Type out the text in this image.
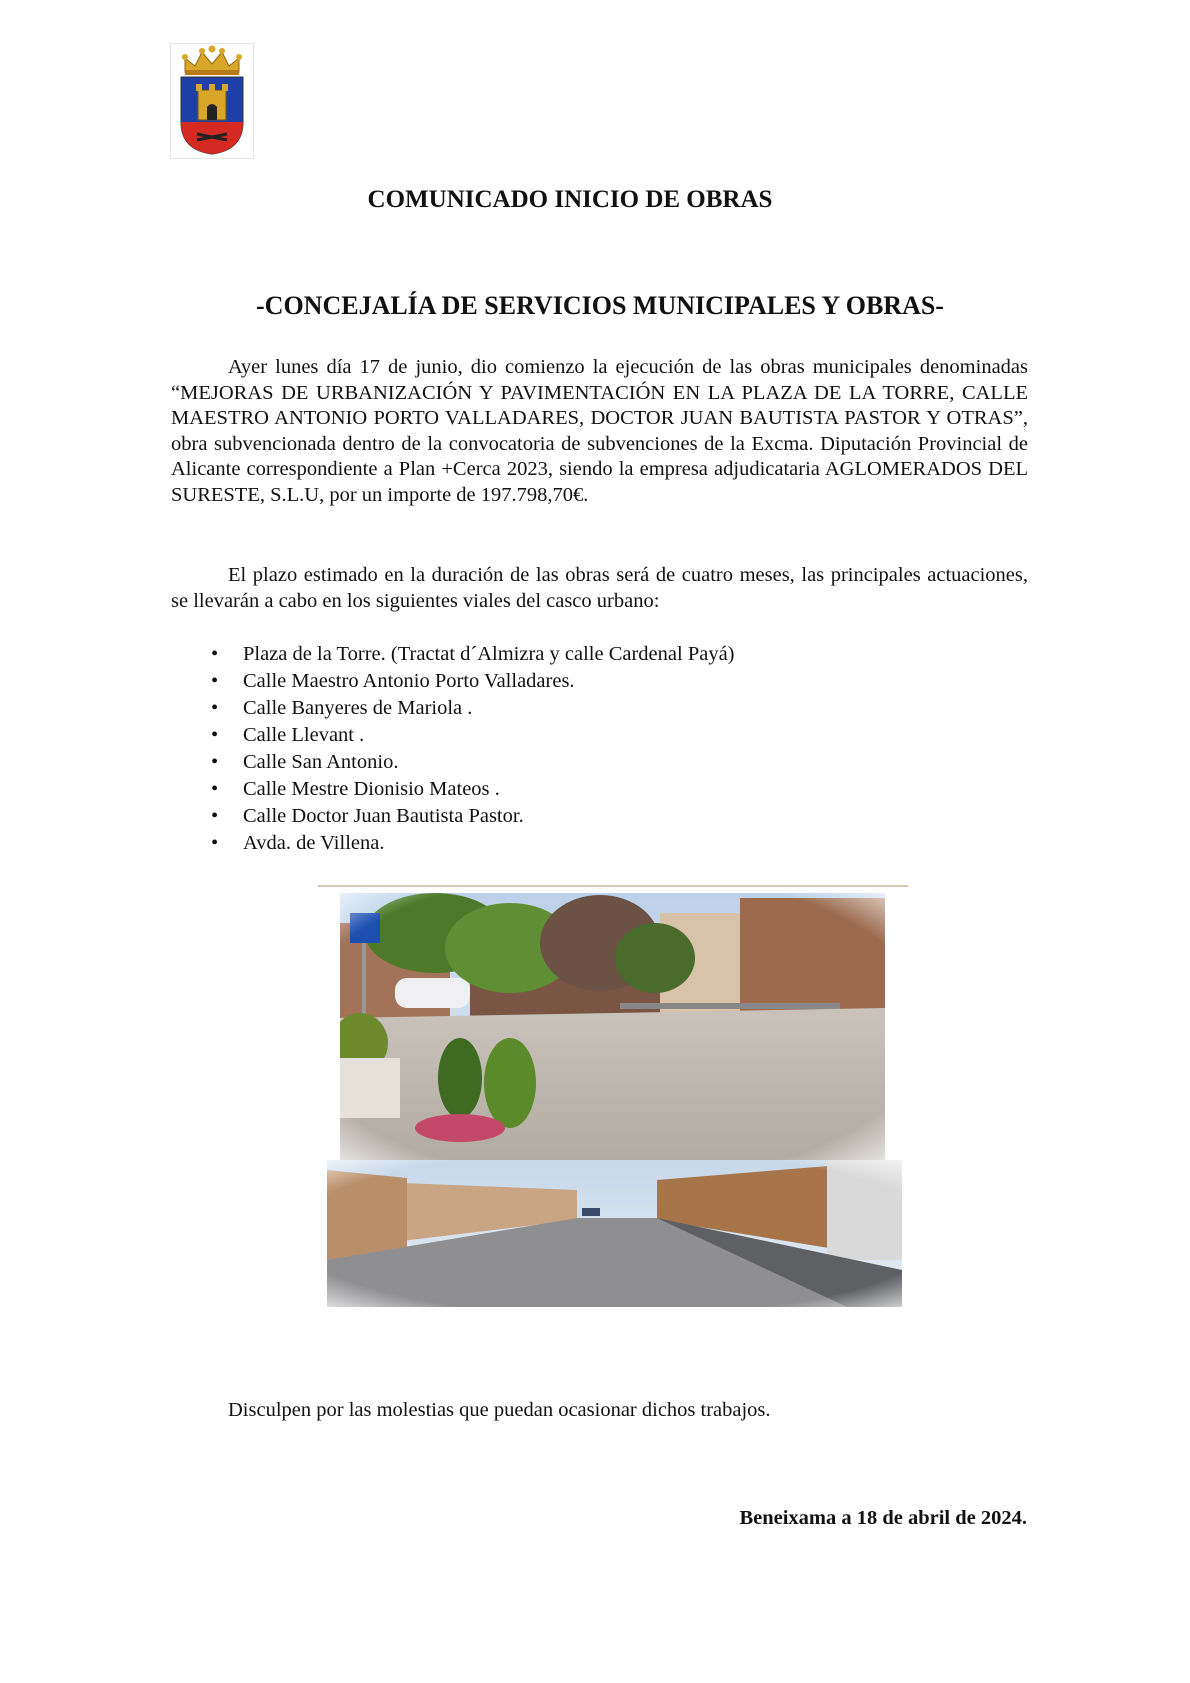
COMUNICADO INICIO DE OBRAS
-CONCEJALÍA DE SERVICIOS MUNICIPALES Y OBRAS-

Ayer lunes día 17 de junio, dio comienzo la ejecución de las obras municipales denominadas “MEJORAS DE URBANIZACIÓN Y PAVIMENTACIÓN EN LA PLAZA DE LA TORRE, CALLE MAESTRO ANTONIO PORTO VALLADARES, DOCTOR JUAN BAUTISTA PASTOR Y OTRAS”, obra subvencionada dentro de la convocatoria de subvenciones de la Excma. Diputación Provincial de Alicante correspondiente a Plan +Cerca 2023, siendo la empresa adjudicataria AGLOMERADOS DEL SURESTE, S.L.U, por un importe de 197.798,70€.

El plazo estimado en la duración de las obras será de cuatro meses, las principales actuaciones, se llevarán a cabo en los siguientes viales del casco urbano:

• Plaza de la Torre. (Tractat d´Almizra y calle Cardenal Payá)
• Calle Maestro Antonio Porto Valladares.
• Calle Banyeres de Mariola .
• Calle Llevant .
• Calle San Antonio.
• Calle Mestre Dionisio Mateos .
• Calle Doctor Juan Bautista Pastor.
• Avda. de Villena.

Disculpen por las molestias que puedan ocasionar dichos trabajos.

Beneixama a 18 de abril de 2024.
